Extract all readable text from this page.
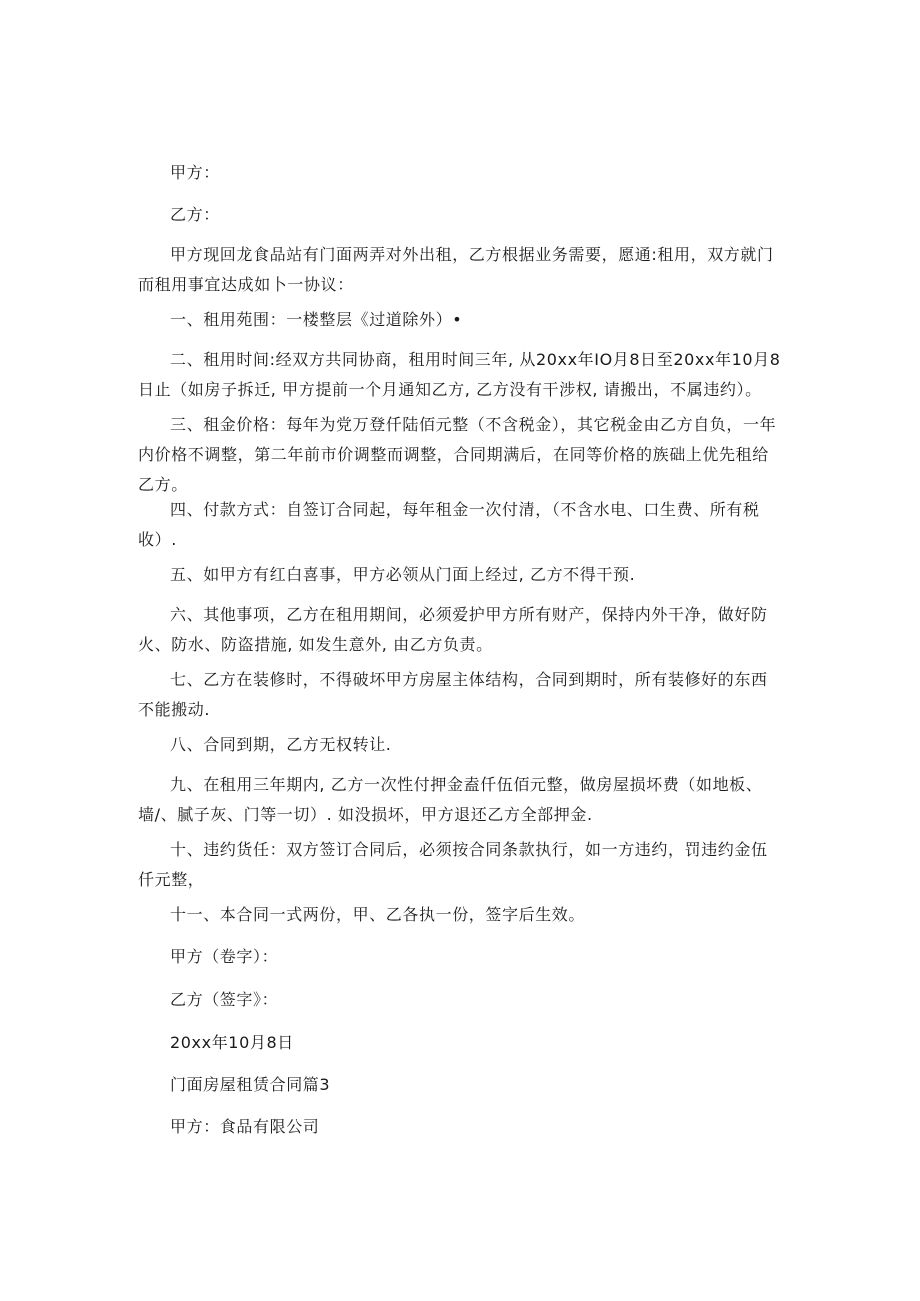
甲方：

乙方：

甲方现回龙食品站有门面两弄对外出租，乙方根据业务需要，愿通:租用，双方就门而租用事宜达成如卜一协议：

一、租用苑围：一楼整层《过道除外）•

二、租用时间:经双方共同协商，租用时间三年, 从20xx年IO月8日至20xx年10月8日止（如房子拆迁, 甲方提前一个月通知乙方, 乙方没有干涉权, 请搬出，不属违约）。

三、租金价格：每年为党万登仟陆佰元整（不含税金），其它税金由乙方自负，一年内价格不调整，第二年前市价调整而调整，合同期满后，在同等价格的族础上优先租给乙方。

四、付款方式：自签订合同起，每年租金一次付清，（不含水电、口生费、所有税收）.

五、如甲方有红白喜事，甲方必领从门面上经过, 乙方不得干预.

六、其他事项，乙方在租用期间，必须爱护甲方所有财产，保持内外干净，做好防火、防水、防盗措施, 如发生意外, 由乙方负责。

七、乙方在装修时，不得破坏甲方房屋主体结构，合同到期时，所有装修好的东西不能搬动.

八、合同到期，乙方无权转让.

九、在租用三年期内, 乙方一次性付押金盍仟伍佰元整，做房屋损坏费（如地板、墙/、腻子灰、门等一切）. 如没损坏，甲方退还乙方全部押金.

十、违约货任：双方签订合同后，必须按合同条款执行，如一方违约，罚违约金伍仟元整，

十一、本合同一式两份，甲、乙各执一份，签字后生效。

甲方（卷字）：

乙方（签字》：

20xx年10月8日

门面房屋租赁合同篇3

甲方：食品有限公司
